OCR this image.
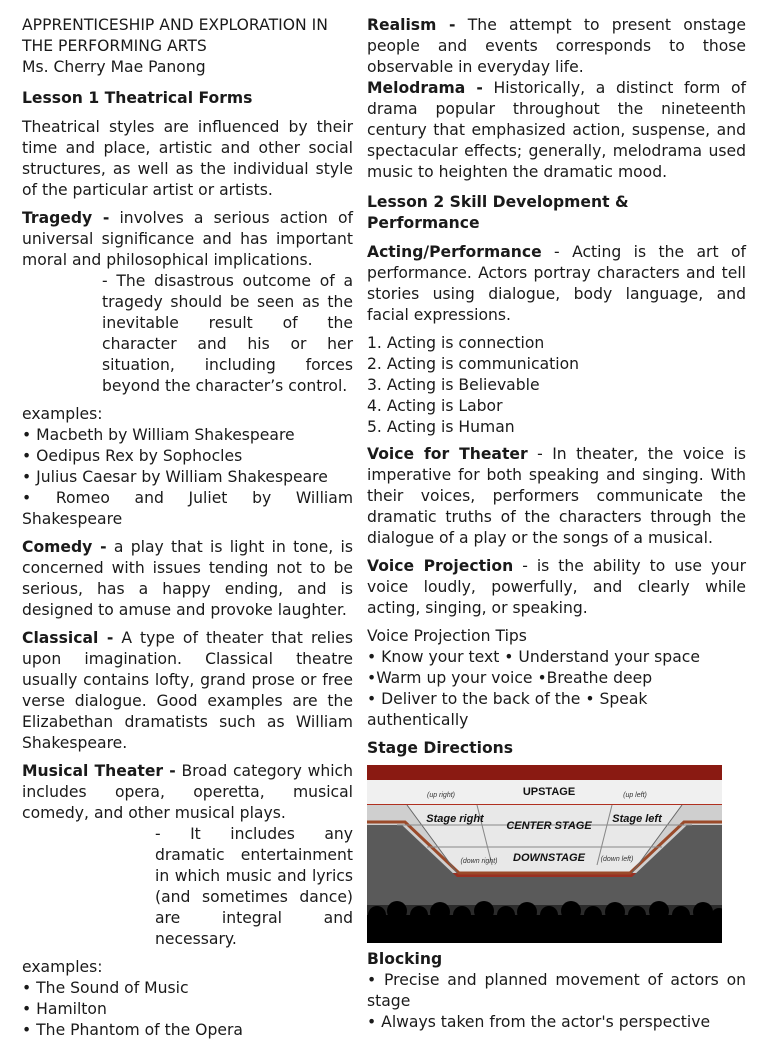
APPRENTICESHIP AND EXPLORATION IN
THE PERFORMING ARTS
Ms. Cherry Mae Panong
Lesson 1 Theatrical Forms

Theatrical styles are influenced by their time and place, artistic and other social structures, as well as the individual style of the particular artist or artists.

Tragedy - involves a serious action of universal significance and has important moral and philosophical implications.

- The disastrous outcome of a tragedy should be seen as the inevitable result of the character and his or her situation, including forces beyond the character’s control.

examples:
• Macbeth by William Shakespeare
• Oedipus Rex by Sophocles
• Julius Caesar by William Shakespeare
• Romeo and Juliet by William Shakespeare

Comedy - a play that is light in tone, is concerned with issues tending not to be serious, has a happy ending, and is designed to amuse and provoke laughter.

Classical - A type of theater that relies upon imagination. Classical theatre usually contains lofty, grand prose or free verse dialogue. Good examples are the Elizabethan dramatists such as William Shakespeare.

Musical Theater - Broad category which includes opera, operetta, musical comedy, and other musical plays.

- It includes any dramatic entertainment in which music and lyrics (and sometimes dance) are integral and necessary.

examples:
• The Sound of Music
• Hamilton
• The Phantom of the Opera

Realism - The attempt to present onstage people and events corresponds to those observable in everyday life.

Melodrama - Historically, a distinct form of drama popular throughout the nineteenth century that emphasized action, suspense, and spectacular effects; generally, melodrama used music to heighten the dramatic mood.

Lesson 2 Skill Development & Performance

Acting/Performance - Acting is the art of performance. Actors portray characters and tell stories using dialogue, body language, and facial expressions.

1. Acting is connection
2. Acting is communication
3. Acting is Believable
4. Acting is Labor
5. Acting is Human

Voice for Theater - In theater, the voice is imperative for both speaking and singing. With their voices, performers communicate the dramatic truths of the characters through the dialogue of a play or the songs of a musical.

Voice Projection - is the ability to use your voice loudly, powerfully, and clearly while acting, singing, or speaking.

Voice Projection Tips
• Know your text • Understand your space
•Warm up your voice •Breathe deep
• Deliver to the back of the • Speak authentically
Stage Directions
UPSTAGE
(up right)	(up left)
Stage right	Stage left
CENTER STAGE
DOWNSTAGE
(down right)	(down left)
Blocking
• Precise and planned movement of actors on stage
• Always taken from the actor's perspective
